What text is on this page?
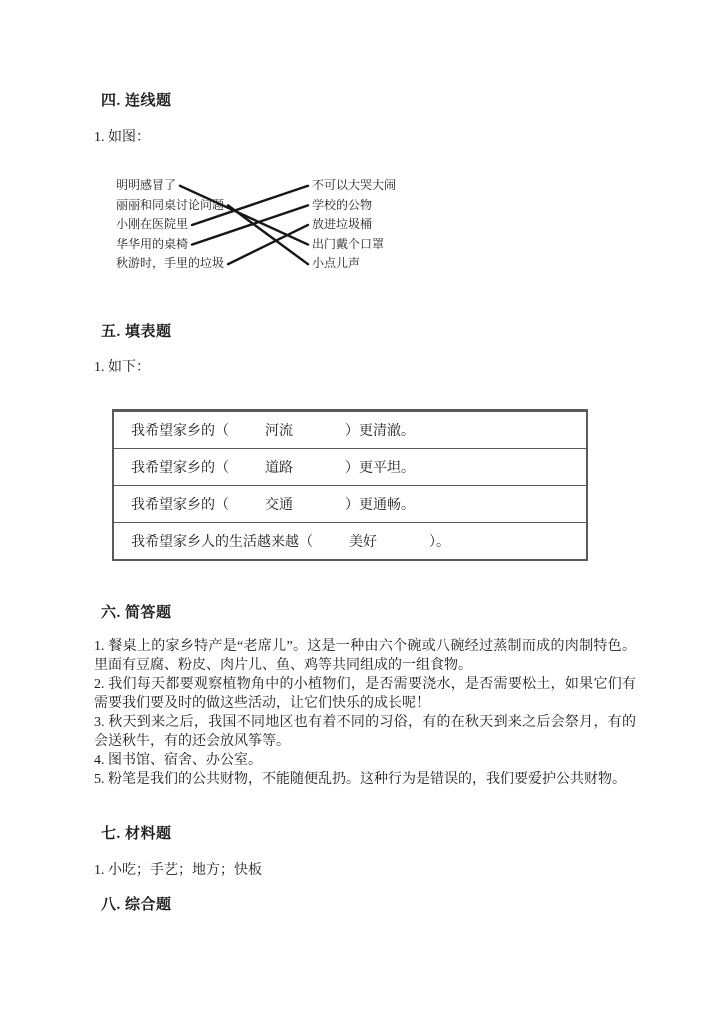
四. 连线题
1. 如图：
明明感冒了
丽丽和同桌讨论问题
小刚在医院里
华华用的桌椅
秋游时，手里的垃圾
不可以大哭大闹
学校的公物
放进垃圾桶
出门戴个口罩
小点儿声
五. 填表题
1. 如下：
我希望家乡的（	河流	）更清澈。
我希望家乡的（	道路	）更平坦。
我希望家乡的（	交通	）更通畅。
我希望家乡人的生活越来越（	美好	）。
六. 简答题
1. 餐桌上的家乡特产是“老席儿”。这是一种由六个碗或八碗经过蒸制而成的肉制特色。里面有豆腐、粉皮、肉片儿、鱼、鸡等共同组成的一组食物。
2. 我们每天都要观察植物角中的小植物们，是否需要浇水，是否需要松土，如果它们有需要我们要及时的做这些活动，让它们快乐的成长呢！
3. 秋天到来之后，我国不同地区也有着不同的习俗，有的在秋天到来之后会祭月，有的会送秋牛，有的还会放风筝等。
4. 图书馆、宿舍、办公室。
5. 粉笔是我们的公共财物，不能随便乱扔。这种行为是错误的，我们要爱护公共财物。
七. 材料题
1. 小吃；手艺；地方；快板
八. 综合题
